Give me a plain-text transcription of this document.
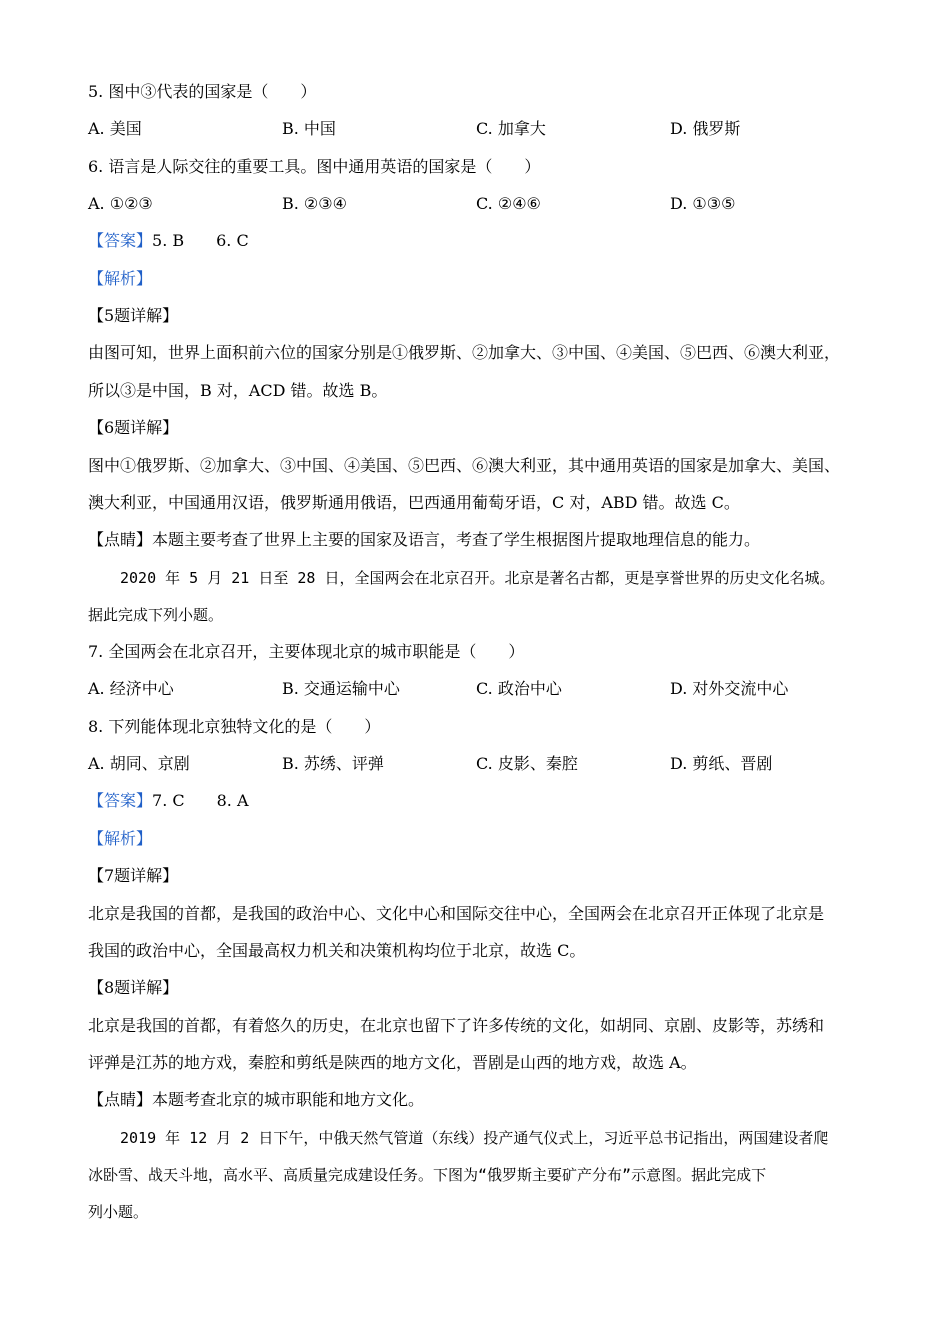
5. 图中③代表的国家是（　　）
A. 美国	B. 中国	C. 加拿大	D. 俄罗斯
6. 语言是人际交往的重要工具。图中通用英语的国家是（　　）
A. ①②③	B. ②③④	C. ②④⑥	D. ①③⑤
【答案】5. B　　6. C
【解析】
【5题详解】
由图可知，世界上面积前六位的国家分别是①俄罗斯、②加拿大、③中国、④美国、⑤巴西、⑥澳大利亚，
所以③是中国，B 对，ACD 错。故选 B。
【6题详解】
图中①俄罗斯、②加拿大、③中国、④美国、⑤巴西、⑥澳大利亚，其中通用英语的国家是加拿大、美国、
澳大利亚，中国通用汉语，俄罗斯通用俄语，巴西通用葡萄牙语，C 对，ABD 错。故选 C。
【点睛】本题主要考查了世界上主要的国家及语言，考查了学生根据图片提取地理信息的能力。
2020 年 5 月 21 日至 28 日，全国两会在北京召开。北京是著名古都，更是享誉世界的历史文化名城。
据此完成下列小题。
7. 全国两会在北京召开，主要体现北京的城市职能是（　　）
A. 经济中心	B. 交通运输中心	C. 政治中心	D. 对外交流中心
8. 下列能体现北京独特文化的是（　　）
A. 胡同、京剧	B. 苏绣、评弹	C. 皮影、秦腔	D. 剪纸、晋剧
【答案】7. C　　8. A
【解析】
【7题详解】
北京是我国的首都，是我国的政治中心、文化中心和国际交往中心，全国两会在北京召开正体现了北京是
我国的政治中心，全国最高权力机关和决策机构均位于北京，故选 C。
【8题详解】
北京是我国的首都，有着悠久的历史，在北京也留下了许多传统的文化，如胡同、京剧、皮影等，苏绣和
评弹是江苏的地方戏，秦腔和剪纸是陕西的地方文化，晋剧是山西的地方戏，故选 A。
【点睛】本题考查北京的城市职能和地方文化。
2019 年 12 月 2 日下午，中俄天然气管道（东线）投产通气仪式上，习近平总书记指出，两国建设者爬
冰卧雪、战天斗地，高水平、高质量完成建设任务。下图为“俄罗斯主要矿产分布”示意图。据此完成下
列小题。
